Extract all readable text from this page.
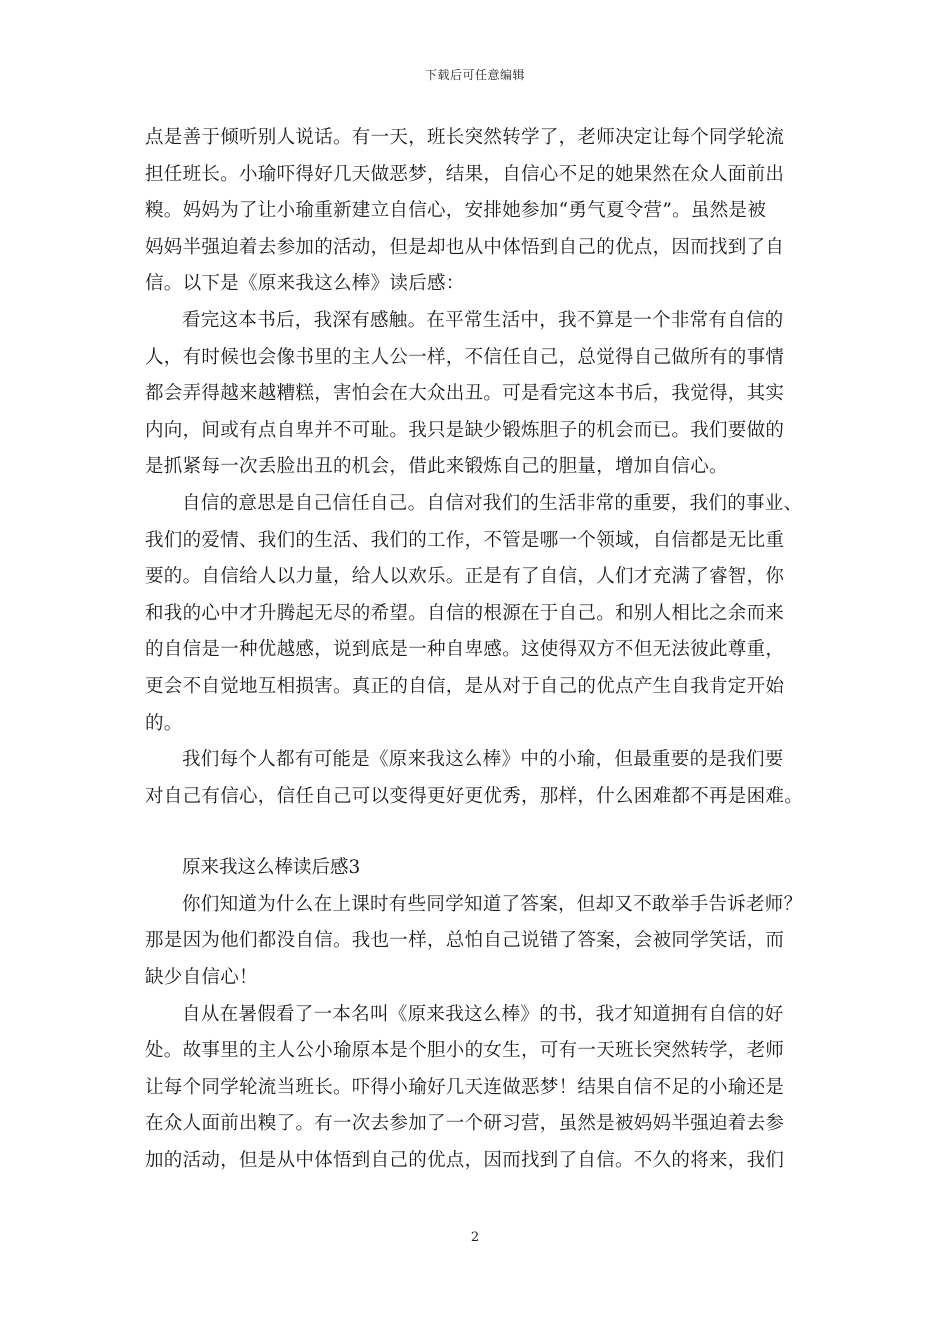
下载后可任意编辑
点是善于倾听别人说话。有一天，班长突然转学了，老师决定让每个同学轮流
担任班长。小瑜吓得好几天做恶梦，结果，自信心不足的她果然在众人面前出
糗。妈妈为了让小瑜重新建立自信心，安排她参加“勇气夏令营”。虽然是被
妈妈半强迫着去参加的活动，但是却也从中体悟到自己的优点，因而找到了自
信。以下是《原来我这么棒》读后感：
看完这本书后，我深有感触。在平常生活中，我不算是一个非常有自信的
人，有时候也会像书里的主人公一样，不信任自己，总觉得自己做所有的事情
都会弄得越来越糟糕，害怕会在大众出丑。可是看完这本书后，我觉得，其实
内向，间或有点自卑并不可耻。我只是缺少锻炼胆子的机会而已。我们要做的
是抓紧每一次丢脸出丑的机会，借此来锻炼自己的胆量，增加自信心。
自信的意思是自己信任自己。自信对我们的生活非常的重要，我们的事业、
我们的爱情、我们的生活、我们的工作，不管是哪一个领域，自信都是无比重
要的。自信给人以力量，给人以欢乐。正是有了自信，人们才充满了睿智，你
和我的心中才升腾起无尽的希望。自信的根源在于自己。和别人相比之余而来
的自信是一种优越感，说到底是一种自卑感。这使得双方不但无法彼此尊重，
更会不自觉地互相损害。真正的自信，是从对于自己的优点产生自我肯定开始
的。
我们每个人都有可能是《原来我这么棒》中的小瑜，但最重要的是我们要
对自己有信心，信任自己可以变得更好更优秀，那样，什么困难都不再是困难。
原来我这么棒读后感3
你们知道为什么在上课时有些同学知道了答案，但却又不敢举手告诉老师？
那是因为他们都没自信。我也一样，总怕自己说错了答案，会被同学笑话，而
缺少自信心！
自从在暑假看了一本名叫《原来我这么棒》的书，我才知道拥有自信的好
处。故事里的主人公小瑜原本是个胆小的女生，可有一天班长突然转学，老师
让每个同学轮流当班长。吓得小瑜好几天连做恶梦！结果自信不足的小瑜还是
在众人面前出糗了。有一次去参加了一个研习营，虽然是被妈妈半强迫着去参
加的活动，但是从中体悟到自己的优点，因而找到了自信。不久的将来，我们
2
